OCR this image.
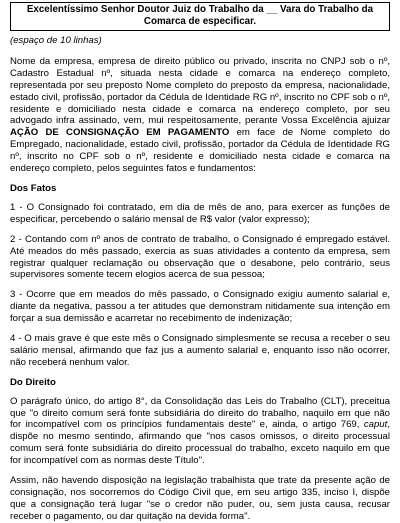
Excelentíssimo Senhor Doutor Juiz do Trabalho da __ Vara do Trabalho da Comarca de especificar.

(espaço de 10 linhas)

Nome da empresa, empresa de direito público ou privado, inscrita no CNPJ sob o nº, Cadastro Estadual nº, situada nesta cidade e comarca na endereço completo, representada por seu preposto Nome completo do preposto da empresa, nacionalidade, estado civil, profissão, portador da Cédula de Identidade RG nº, inscrito no CPF sob o nº, residente e domiciliado nesta cidade e comarca na endereço completo, por seu advogado infra assinado, vem, mui respeitosamente, perante Vossa Excelência ajuizar AÇÃO DE CONSIGNAÇÃO EM PAGAMENTO em face de Nome completo do Empregado, nacionalidade, estado civil, profissão, portador da Cédula de Identidade RG nº, inscrito no CPF sob o nº, residente e domiciliado nesta cidade e comarca na endereço completo, pelos seguintes fatos e fundamentos:

Dos Fatos

1 - O Consignado foi contratado, em dia de mês de ano, para exercer as funções de especificar, percebendo o salário mensal de R$ valor (valor expresso);

2 - Contando com nº anos de contrato de trabalho, o Consignado é empregado estável. Até meados do mês passado, exercia as suas atividades a contento da empresa, sem registrar qualquer reclamação ou observação que o desabone, pelo contrário, seus supervisores somente tecem elogios acerca de sua pessoa;

3 - Ocorre que em meados do mês passado, o Consignado exigiu aumento salarial e, diante da negativa, passou a ter atitudes que demonstram nitidamente sua intenção em forçar a sua demissão e acarretar no recebimento de indenização;

4 - O mais grave é que este mês o Consignado simplesmente se recusa a receber o seu salário mensal, afirmando que faz jus a aumento salarial e, enquanto isso não ocorrer, não receberá nenhum valor.

Do Direito

O parágrafo único, do artigo 8°, da Consolidação das Leis do Trabalho (CLT), preceitua que "o direito comum será fonte subsidiária do direito do trabalho, naquilo em que não for incompatível com os princípios fundamentais deste" e, ainda, o artigo 769, caput, dispõe no mesmo sentindo, afirmando que "nos casos omissos, o direito processual comum será fonte subsidiária do direito processual do trabalho, exceto naquilo em que for incompatível com as normas deste Título".

Assim, não havendo disposição na legislação trabalhista que trate da presente ação de consignação, nos socorremos do Código Civil que, em seu artigo 335, inciso I, dispõe que a consignação terá lugar "se o credor não puder, ou, sem justa causa, recusar receber o pagamento, ou dar quitação na devida forma".
